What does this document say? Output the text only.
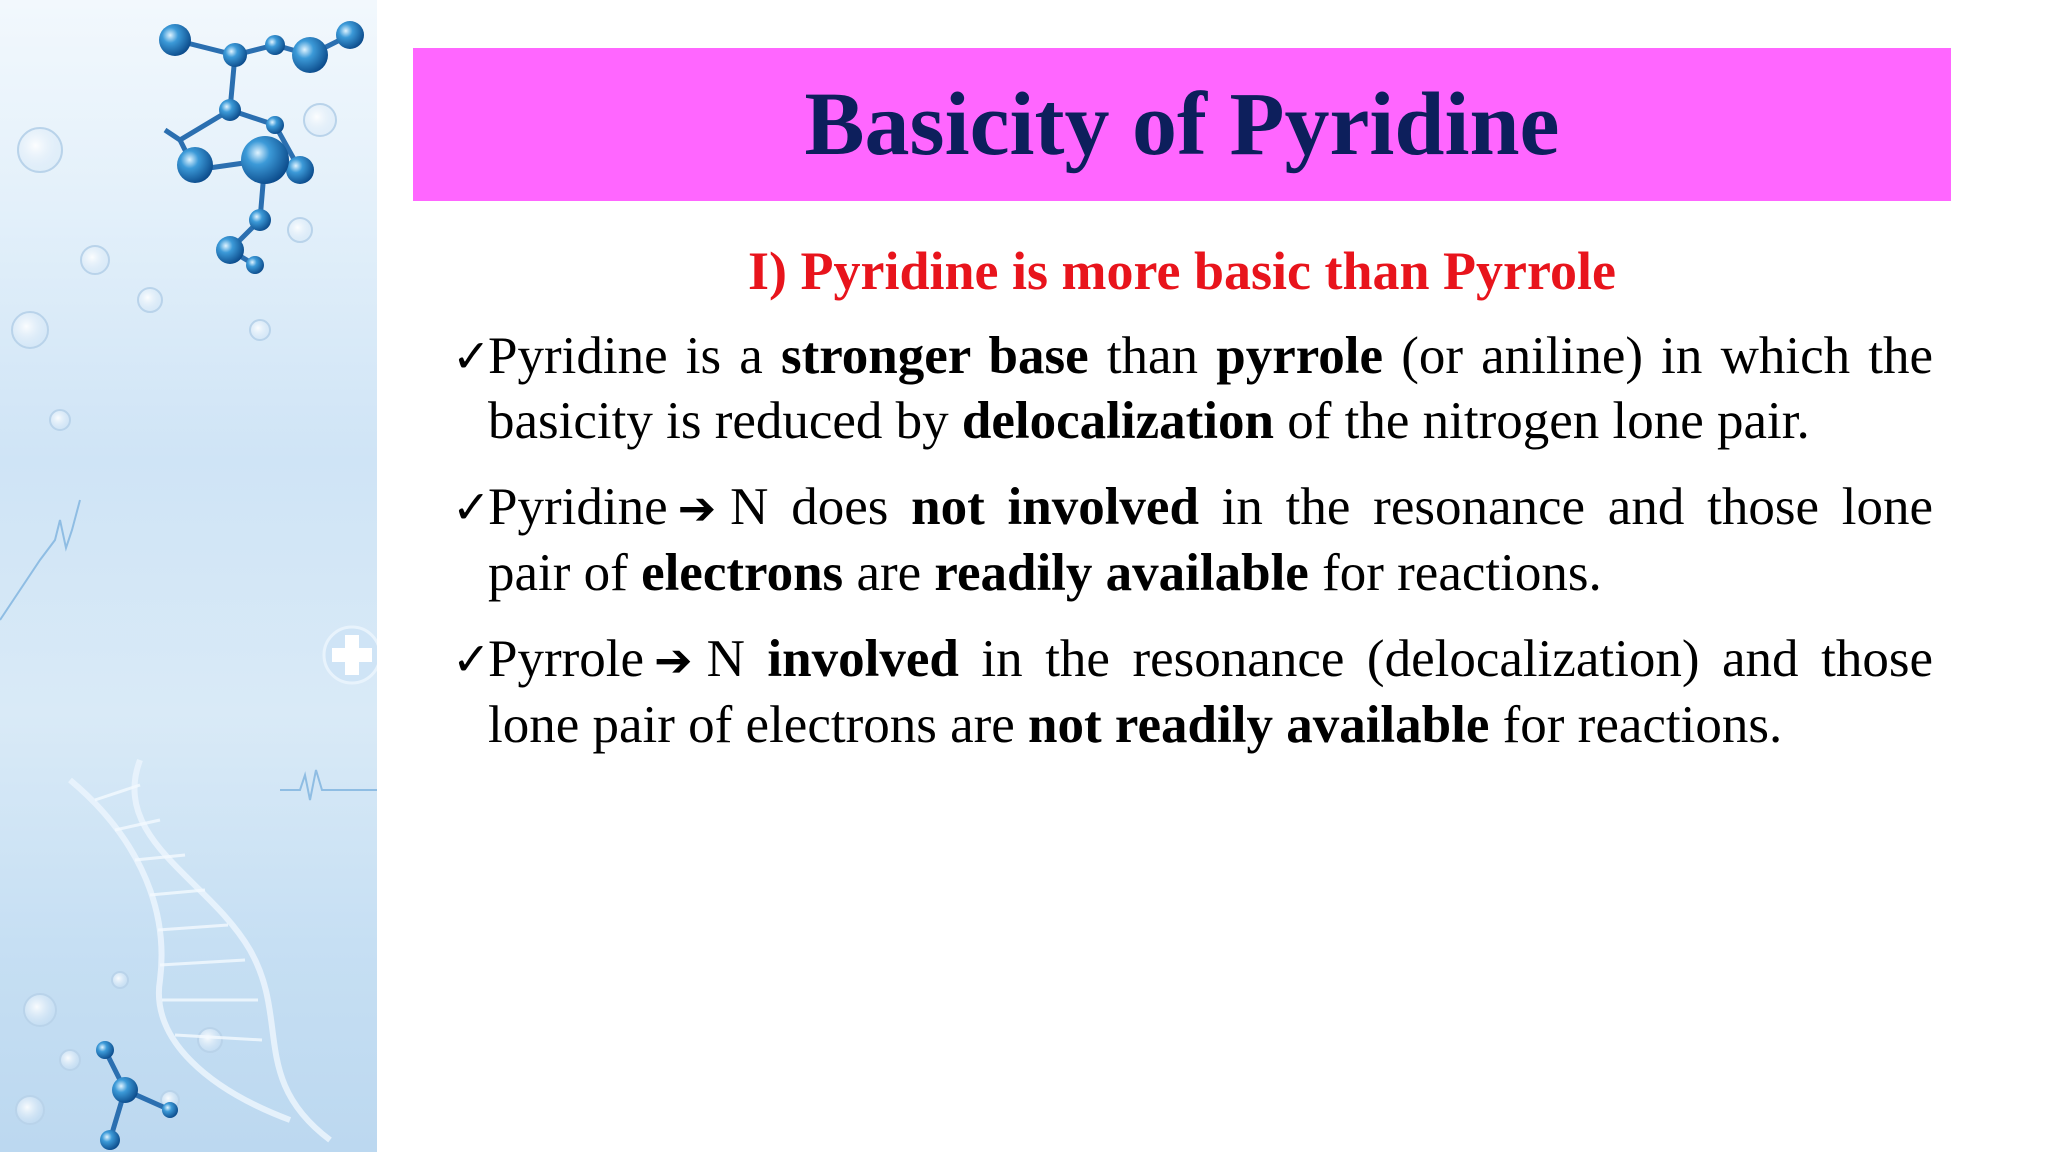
Basicity of Pyridine
I) Pyridine is more basic than Pyrrole
✓
Pyridine is a stronger base than pyrrole (or aniline) in which the basicity is reduced by delocalization of the nitrogen lone pair.
✓
Pyridine ➔ N does not involved in the resonance and those lone pair of electrons are readily available for reactions.
✓
Pyrrole ➔ N involved in the resonance (delocalization) and those lone pair of electrons are not readily available for reactions.
